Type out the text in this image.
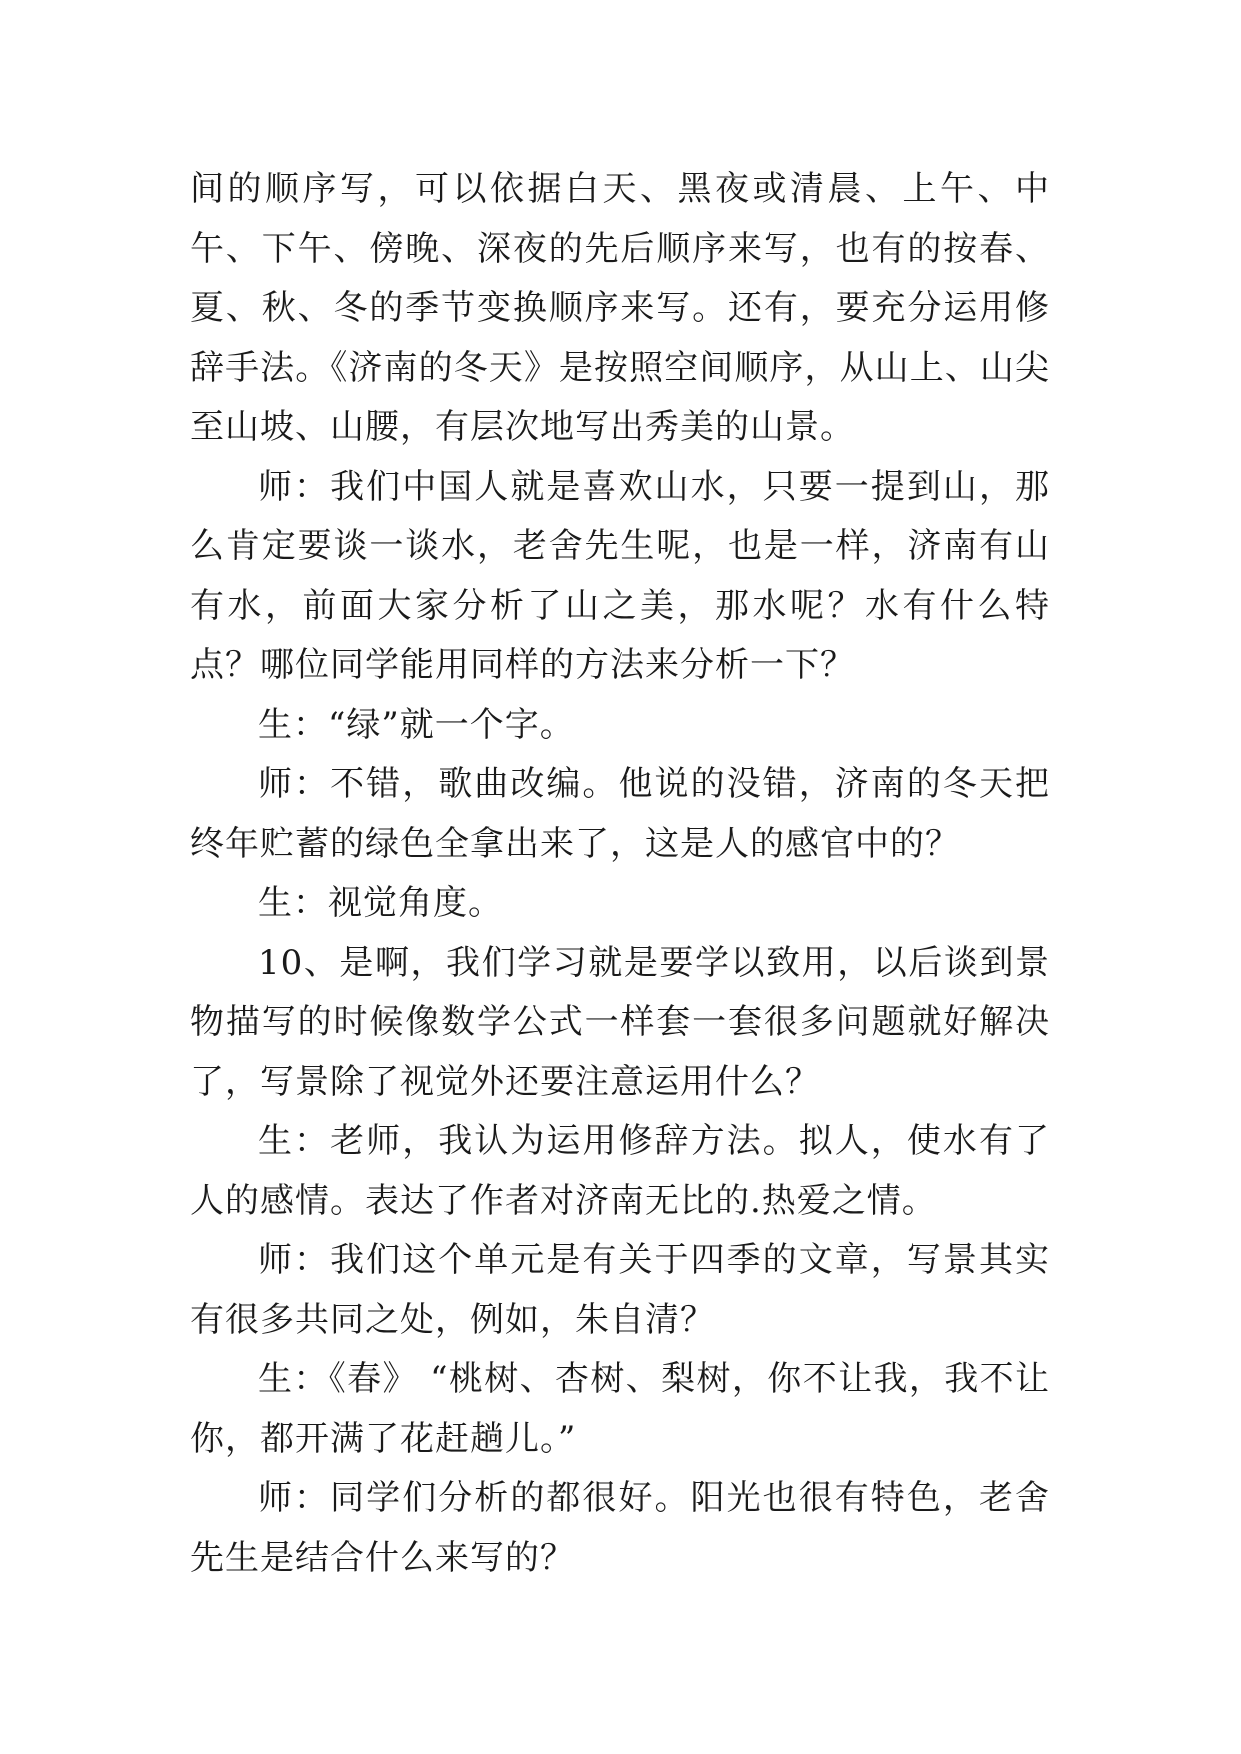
间的顺序写，可以依据白天、黑夜或清晨、上午、中午、下午、傍晚、深夜的先后顺序来写，也有的按春、夏、秋、冬的季节变换顺序来写。还有，要充分运用修辞手法。《济南的冬天》是按照空间顺序，从山上、山尖至山坡、山腰，有层次地写出秀美的山景。

师：我们中国人就是喜欢山水，只要一提到山，那么肯定要谈一谈水，老舍先生呢，也是一样，济南有山有水，前面大家分析了山之美，那水呢？水有什么特点？哪位同学能用同样的方法来分析一下？

生：“绿”就一个字。

师：不错，歌曲改编。他说的没错，济南的冬天把终年贮蓄的绿色全拿出来了，这是人的感官中的？

生：视觉角度。

10、是啊，我们学习就是要学以致用，以后谈到景物描写的时候像数学公式一样套一套很多问题就好解决了，写景除了视觉外还要注意运用什么？

生：老师，我认为运用修辞方法。拟人，使水有了人的感情。表达了作者对济南无比的.热爱之情。

师：我们这个单元是有关于四季的文章，写景其实有很多共同之处，例如，朱自清？

生：《春》 “桃树、杏树、梨树，你不让我，我不让你，都开满了花赶趟儿。”

师：同学们分析的都很好。阳光也很有特色，老舍先生是结合什么来写的？
